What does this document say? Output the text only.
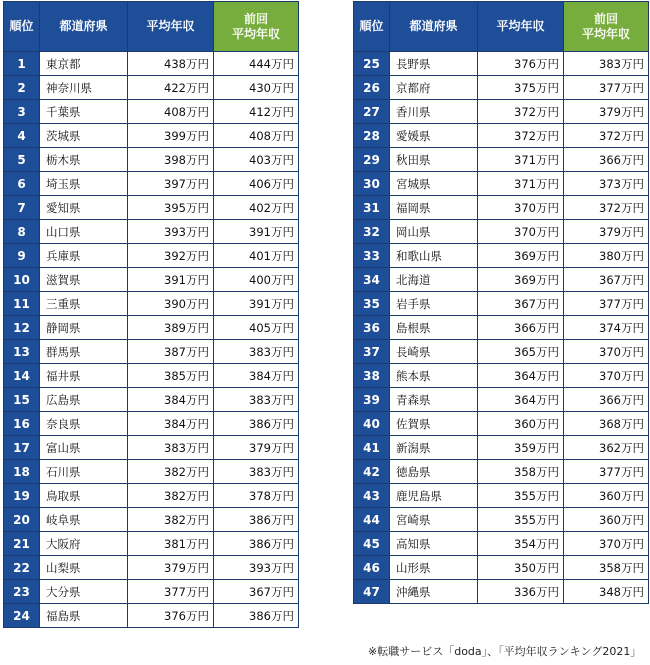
順位	都道府県	平均年収	前回
平均年収
1	東京都	438万円	444万円
2	神奈川県	422万円	430万円
3	千葉県	408万円	412万円
4	茨城県	399万円	408万円
5	栃木県	398万円	403万円
6	埼玉県	397万円	406万円
7	愛知県	395万円	402万円
8	山口県	393万円	391万円
9	兵庫県	392万円	401万円
10	滋賀県	391万円	400万円
11	三重県	390万円	391万円
12	静岡県	389万円	405万円
13	群馬県	387万円	383万円
14	福井県	385万円	384万円
15	広島県	384万円	383万円
16	奈良県	384万円	386万円
17	富山県	383万円	379万円
18	石川県	382万円	383万円
19	鳥取県	382万円	378万円
20	岐阜県	382万円	386万円
21	大阪府	381万円	386万円
22	山梨県	379万円	393万円
23	大分県	377万円	367万円
24	福島県	376万円	386万円
順位	都道府県	平均年収	前回
平均年収
25	長野県	376万円	383万円
26	京都府	375万円	377万円
27	香川県	372万円	379万円
28	愛媛県	372万円	372万円
29	秋田県	371万円	366万円
30	宮城県	371万円	373万円
31	福岡県	370万円	372万円
32	岡山県	370万円	379万円
33	和歌山県	369万円	380万円
34	北海道	369万円	367万円
35	岩手県	367万円	377万円
36	島根県	366万円	374万円
37	長崎県	365万円	370万円
38	熊本県	364万円	370万円
39	青森県	364万円	366万円
40	佐賀県	360万円	368万円
41	新潟県	359万円	362万円
42	徳島県	358万円	377万円
43	鹿児島県	355万円	360万円
44	宮崎県	355万円	360万円
45	高知県	354万円	370万円
46	山形県	350万円	358万円
47	沖縄県	336万円	348万円
※転職サービス「doda」、「平均年収ランキング2021」
